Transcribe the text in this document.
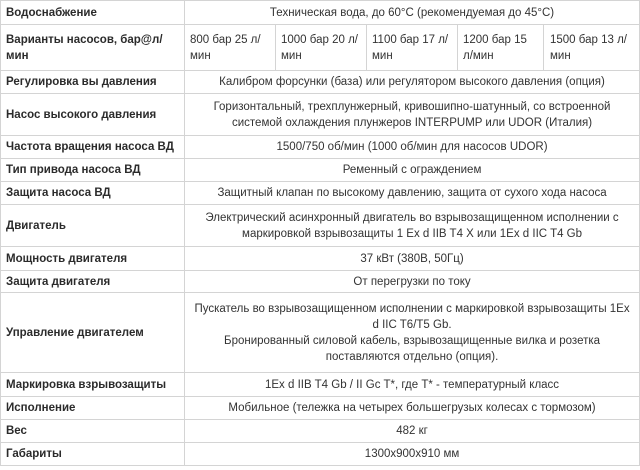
Водоснабжение	Техническая вода, до 60°C (рекомендуемая до 45°C)				
Варианты насосов, бар@л/мин	800 бар 25 л/мин	1000 бар 20 л/мин	1100 бар 17 л/мин	1200 бар 15 л/мин	1500 бар 13 л/мин
Регулировка вы давления	Калибром форсунки (база) или регулятором высокого давления (опция)				
Насос высокого давления	Горизонтальный, трехплунжерный, кривошипно-шатунный, со встроенной системой охлаждения плунжеров INTERPUMP или UDOR (Италия)				
Частота вращения насоса ВД	1500/750 об/мин (1000 об/мин для насосов UDOR)				
Тип привода насоса ВД	Ременный с ограждением				
Защита насоса ВД	Защитный клапан по высокому давлению, защита от сухого хода насоса				
Двигатель	Электрический асинхронный двигатель во взрывозащищенном исполнении с маркировкой взрывозащиты 1 Ex d IIB T4 X или 1Ex d IIC T4 Gb				
Мощность двигателя	37 кВт (380В, 50Гц)				
Защита двигателя	От перегрузки по току				
Управление двигателем	Пускатель во взрывозащищенном исполнении с маркировкой взрывозащиты 1Ex d IIC T6/T5 Gb.
Бронированный силовой кабель, взрывозащищенные вилка и розетка поставляются отдельно (опция).				

Маркировка взрывозащиты	1Ex d IIB T4 Gb / II Gc T*, где T* - температурный класс				
Исполнение	Мобильное (тележка на четырех большегрузых колесах с тормозом)				
Вес	482 кг				
Габариты	1300x900x910 мм				
